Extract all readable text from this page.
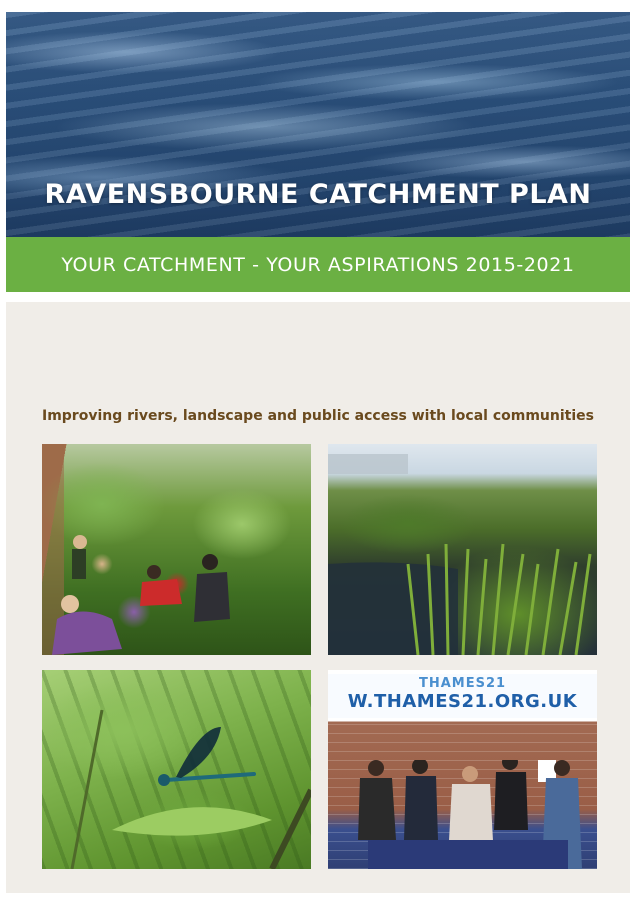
RAVENSBOURNE CATCHMENT PLAN
YOUR CATCHMENT - YOUR ASPIRATIONS 2015-2021
Improving rivers, landscape and public access with local communities
THAMES21
W.THAMES21.ORG.UK
